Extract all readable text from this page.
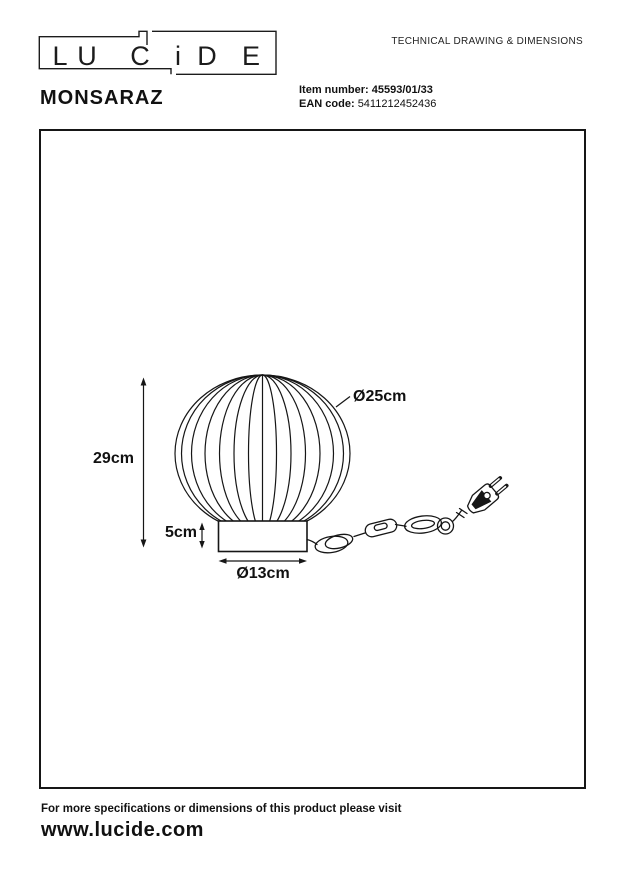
L U C i D E	TECHNICAL DRAWING & DIMENSIONS
MONSARAZ	Item number: 45593/01/33
EAN code: 5411212452436
29cm
5cm
Ø13cm
Ø25cm
For more specifications or dimensions of this product please visit
www.lucide.com
